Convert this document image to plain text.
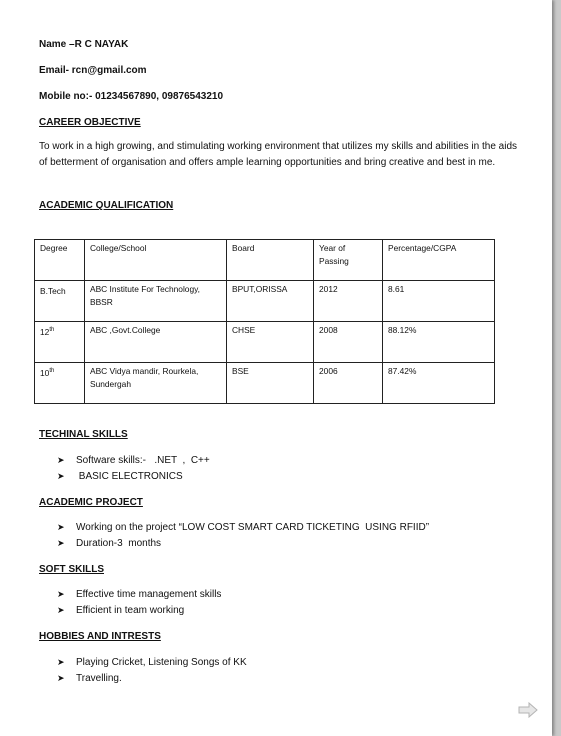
Name –R C NAYAK
Email- rcn@gmail.com
Mobile no:- 01234567890, 09876543210
CAREER OBJECTIVE
To work in a high growing, and stimulating working environment that utilizes my skills and abilities in the aids of betterment of organisation and offers ample learning opportunities and bring creative and best in me.
ACADEMIC QUALIFICATION
Degree	College/School	Board	Year of Passing	Percentage/CGPA
B.Tech	ABC Institute For Technology, BBSR	BPUT,ORISSA	2012	8.61
12th	ABC ,Govt.College	CHSE	2008	88.12%
10th	ABC Vidya mandir, Rourkela, Sundergah	BSE	2006	87.42%
TECHINAL SKILLS
➤	Software skills:-   .NET  ,  C++
➤	BASIC ELECTRONICS
ACADEMIC PROJECT
➤	Working on the project “LOW COST SMART CARD TICKETING  USING RFIID”
➤	Duration-3  months
SOFT SKILLS
➤	Effective time management skills
➤	Efficient in team working
HOBBIES AND INTRESTS
➤	Playing Cricket, Listening Songs of KK
➤	Travelling.
